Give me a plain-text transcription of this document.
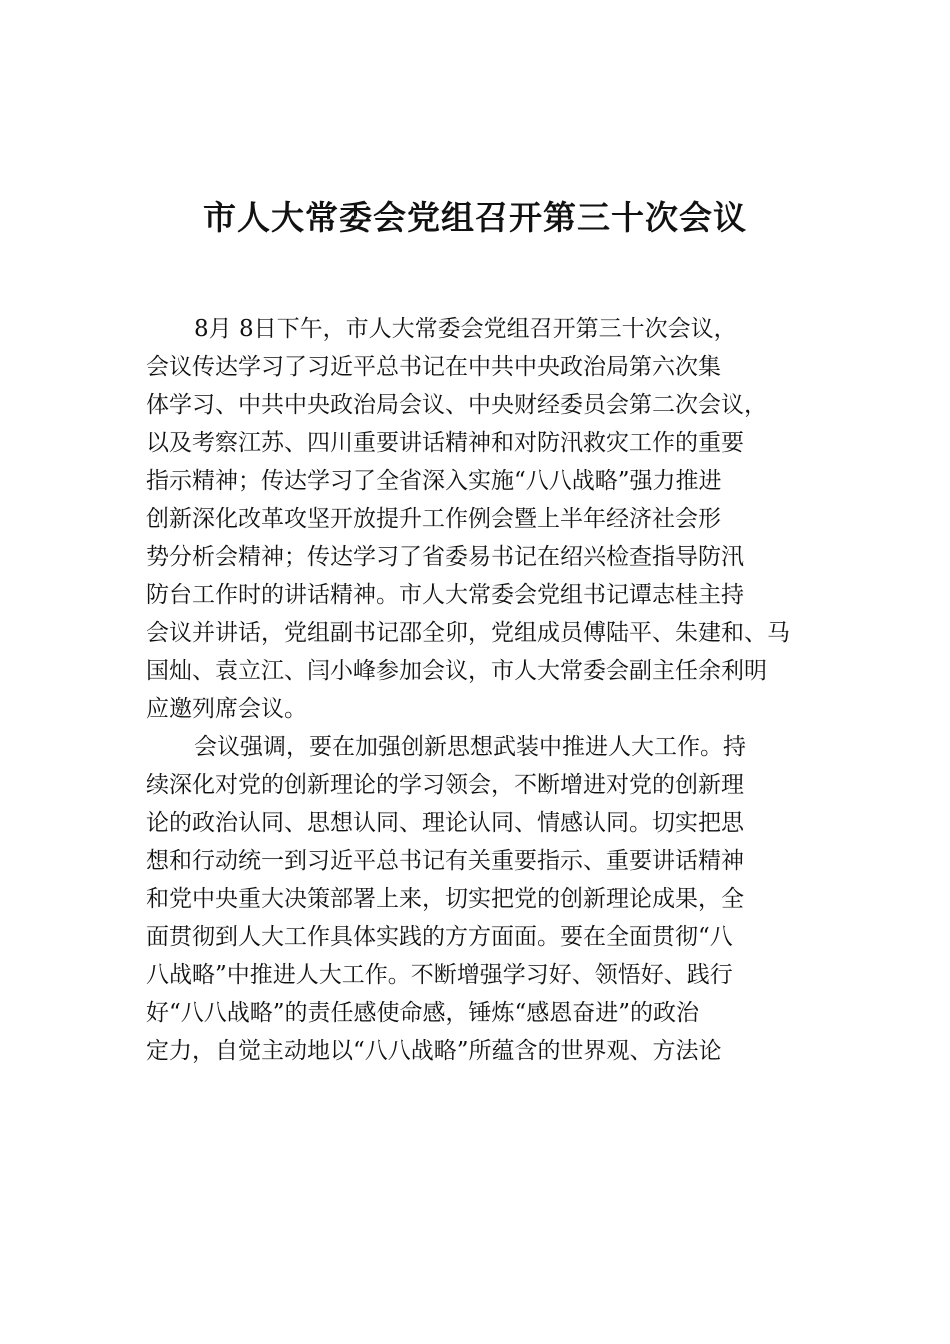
市人大常委会党组召开第三十次会议

8月 8日下午，市人大常委会党组召开第三十次会议，
会议传达学习了习近平总书记在中共中央政治局第六次集
体学习、中共中央政治局会议、中央财经委员会第二次会议，
以及考察江苏、四川重要讲话精神和对防汛救灾工作的重要
指示精神；传达学习了全省深入实施“八八战略”强力推进
创新深化改革攻坚开放提升工作例会暨上半年经济社会形
势分析会精神；传达学习了省委易书记在绍兴检查指导防汛
防台工作时的讲话精神。市人大常委会党组书记谭志桂主持
会议并讲话，党组副书记邵全卯，党组成员傅陆平、朱建和、马
国灿、袁立江、闫小峰参加会议，市人大常委会副主任余利明
应邀列席会议。

会议强调，要在加强创新思想武装中推进人大工作。持
续深化对党的创新理论的学习领会，不断增进对党的创新理
论的政治认同、思想认同、理论认同、情感认同。切实把思
想和行动统一到习近平总书记有关重要指示、重要讲话精神
和党中央重大决策部署上来，切实把党的创新理论成果，全
面贯彻到人大工作具体实践的方方面面。要在全面贯彻“八
八战略”中推进人大工作。不断增强学习好、领悟好、践行
好“八八战略”的责任感使命感，锤炼“感恩奋进”的政治
定力，自觉主动地以“八八战略”所蕴含的世界观、方法论
